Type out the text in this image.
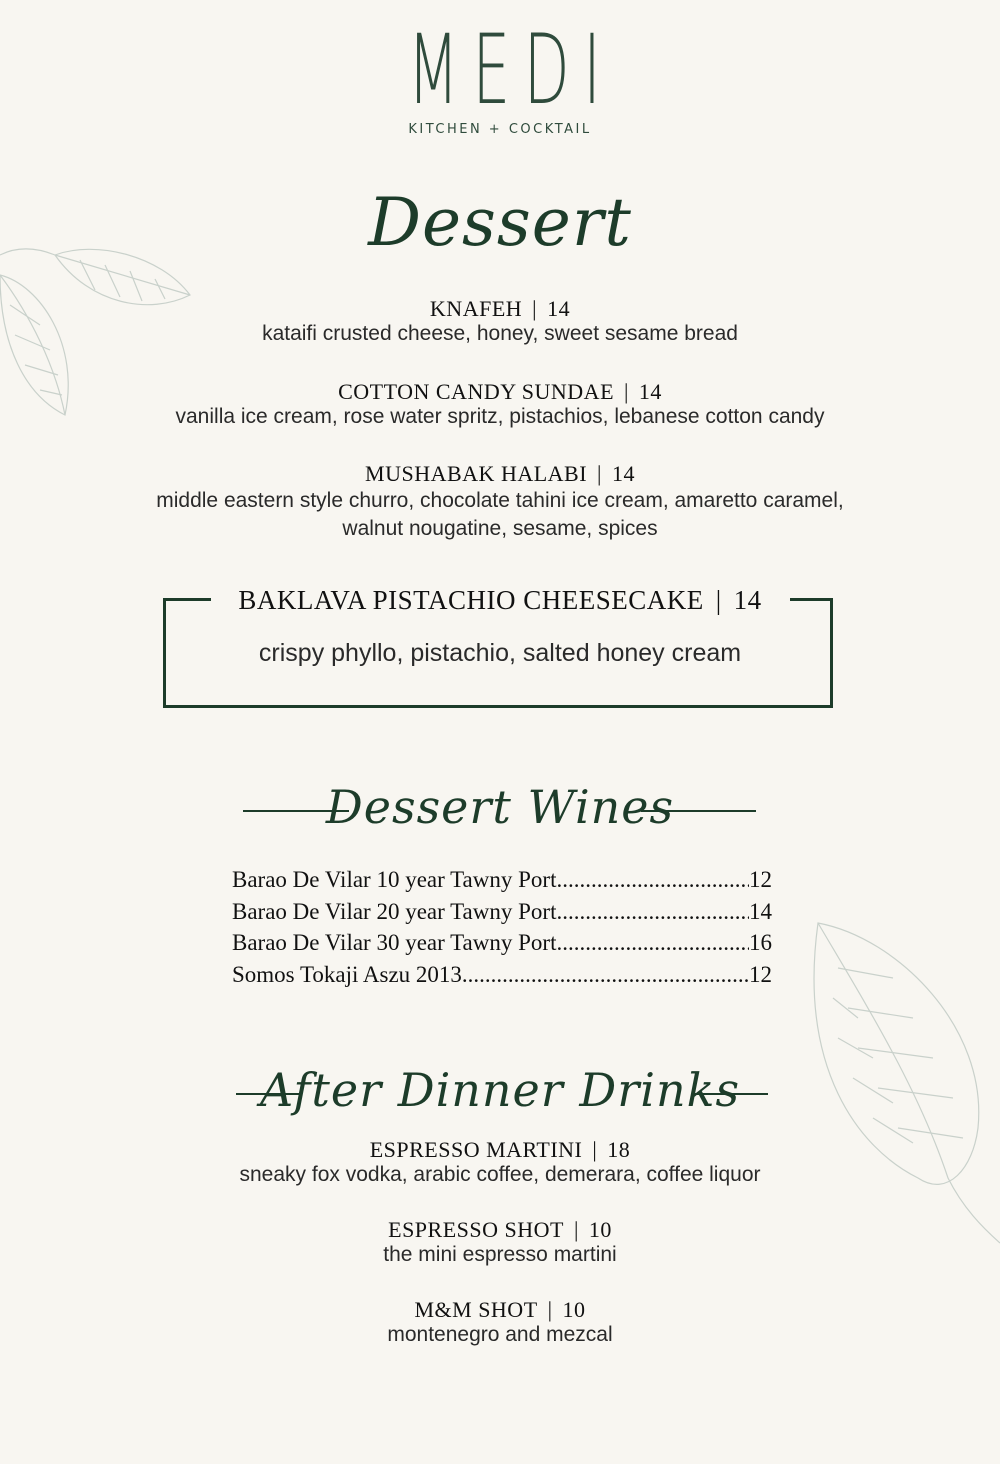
MEDI
KITCHEN + COCKTAIL
Dessert
KNAFEH | 14
kataifi crusted cheese, honey, sweet sesame bread
COTTON CANDY SUNDAE | 14
vanilla ice cream, rose water spritz, pistachios, lebanese cotton candy
MUSHABAK HALABI | 14
middle eastern style churro, chocolate tahini ice cream, amaretto caramel,
walnut nougatine, sesame, spices
BAKLAVA PISTACHIO CHEESECAKE | 14
crispy phyllo, pistachio, salted honey cream
Dessert Wines
Barao De Vilar 10 year Tawny Port .....	12
Barao De Vilar 20 year Tawny Port .....	14
Barao De Vilar 30 year Tawny Port .....	16
Somos Tokaji Aszu 2013 .....	12
After Dinner Drinks
ESPRESSO MARTINI | 18
sneaky fox vodka, arabic coffee, demerara, coffee liquor
ESPRESSO SHOT | 10
the mini espresso martini
M&M SHOT | 10
montenegro and mezcal
